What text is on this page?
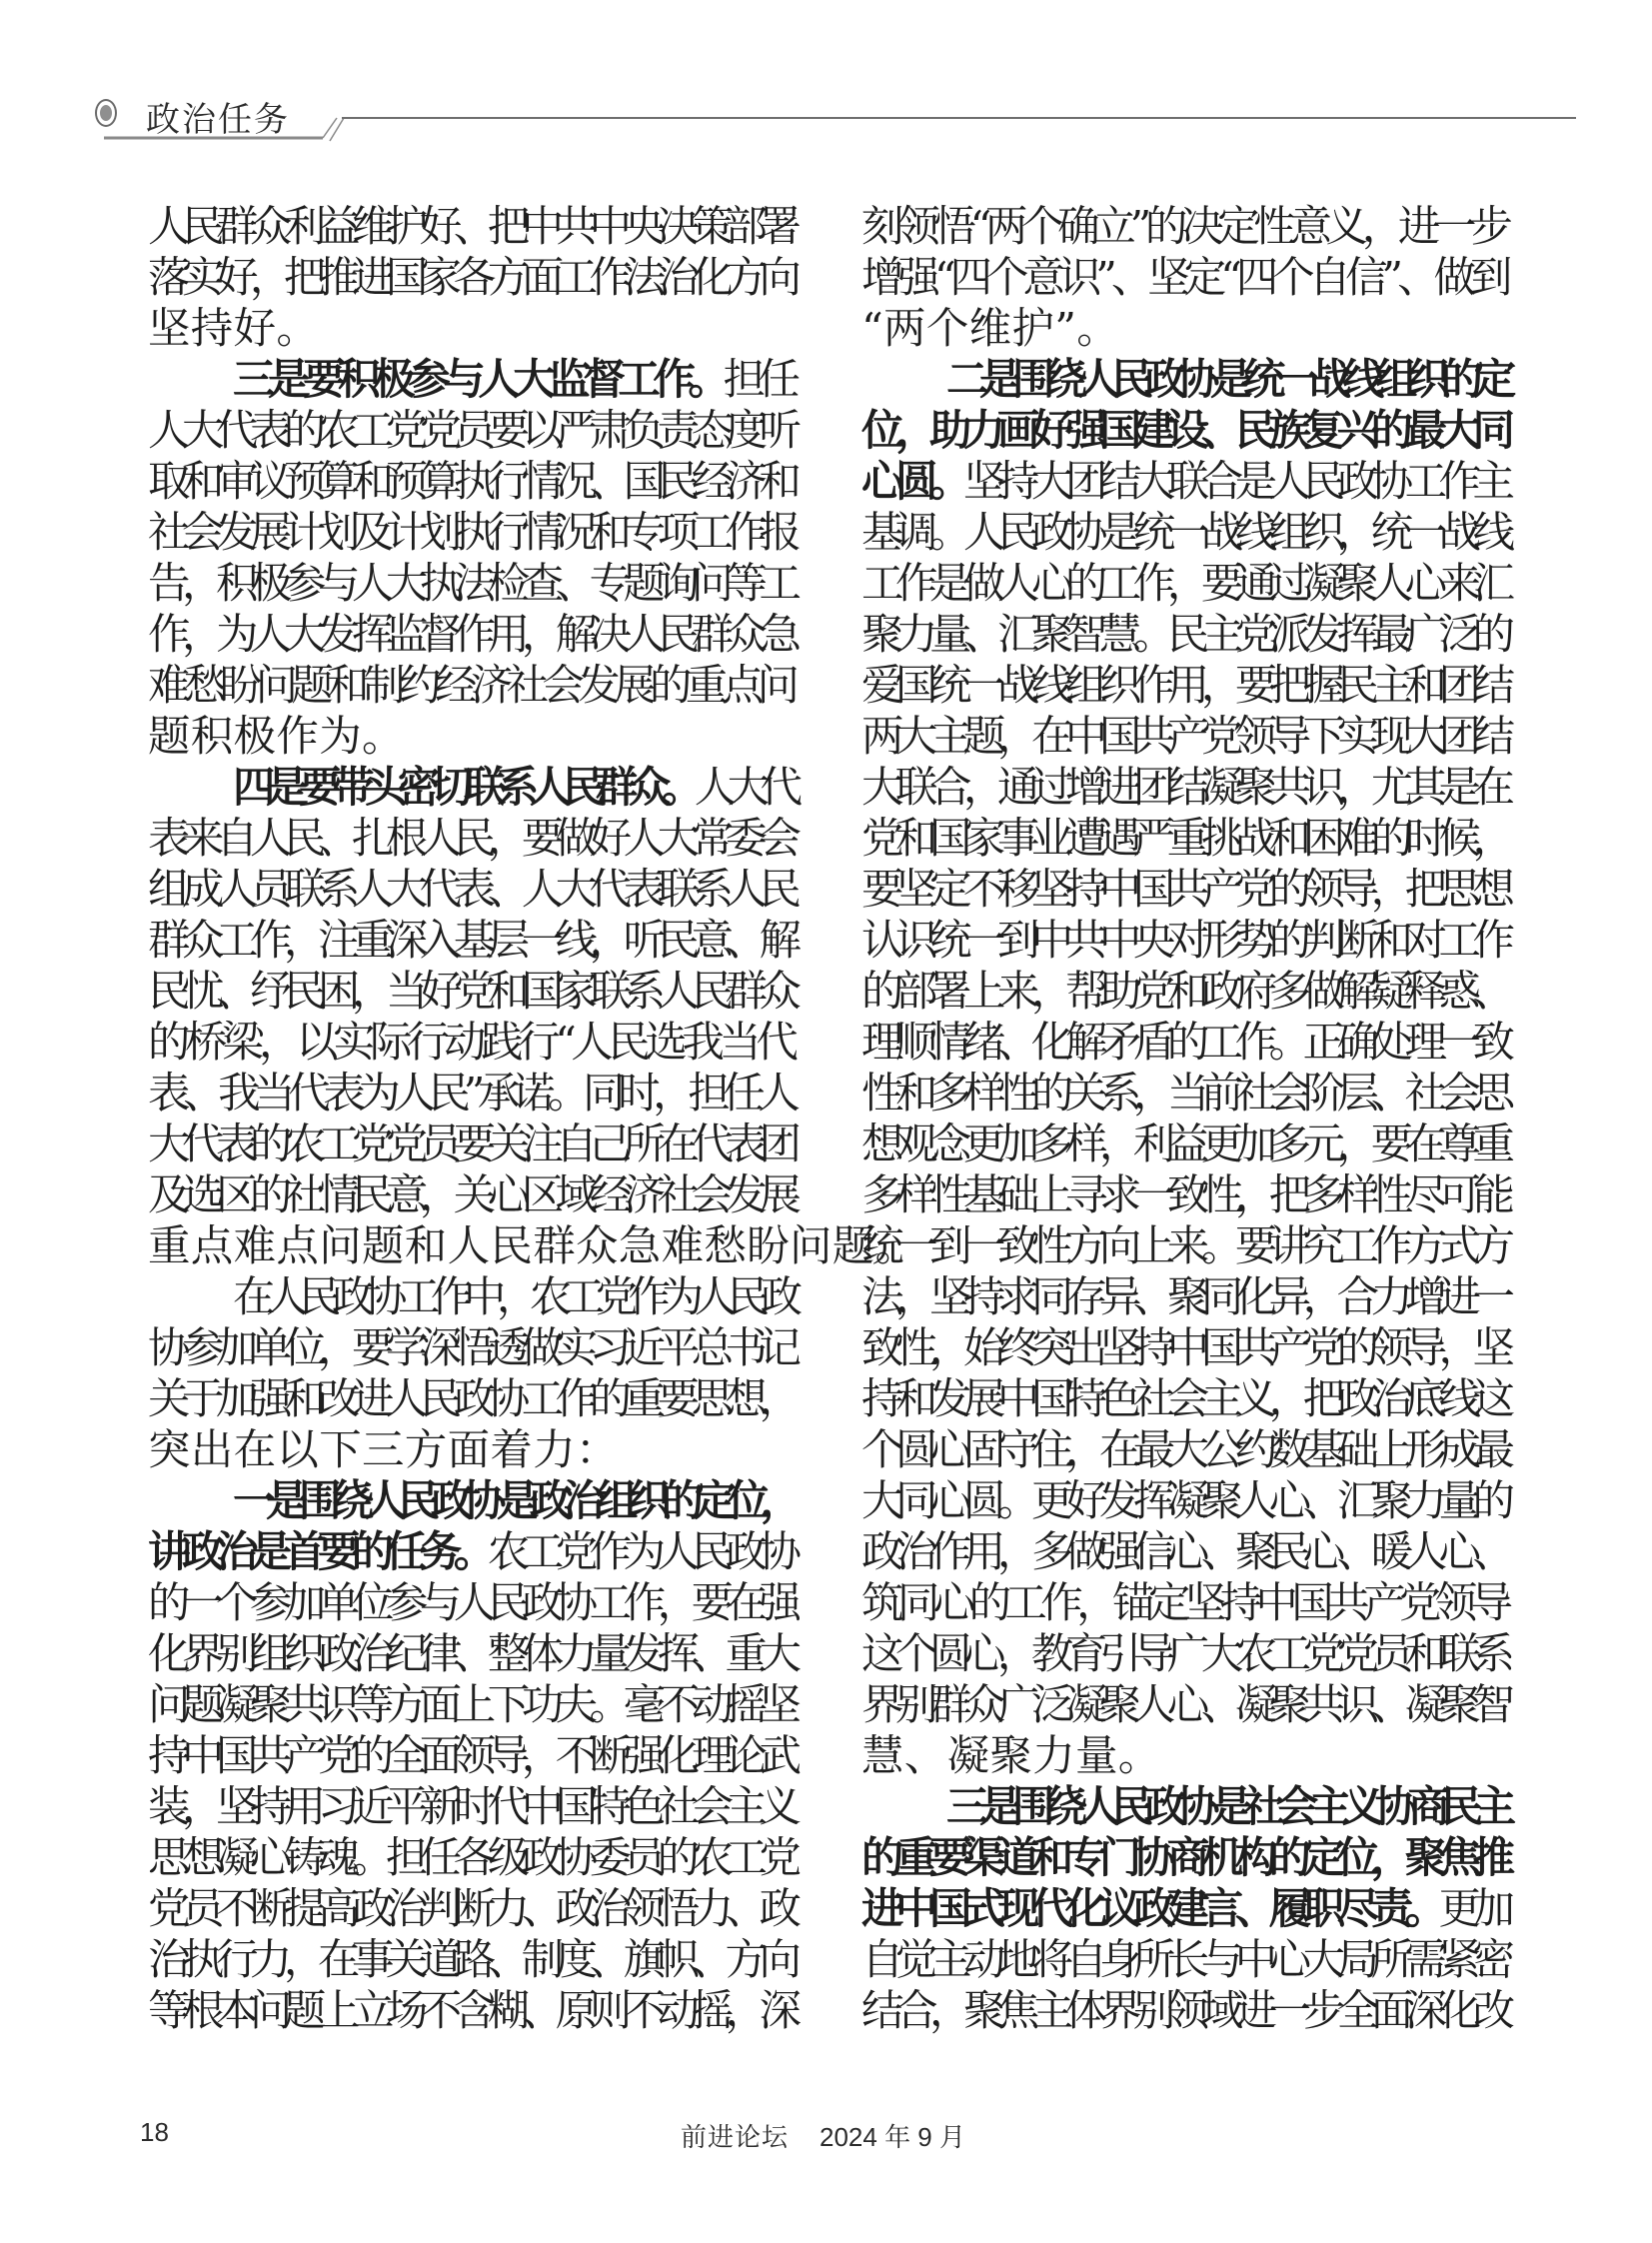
政治任务
人民群众利益维护好、把中共中央决策部署
落实好，把推进国家各方面工作法治化方向
坚持好。
三是要积极参与人大监督工作。担任
人大代表的农工党党员要以严肃负责态度听
取和审议预算和预算执行情况、国民经济和
社会发展计划及计划执行情况和专项工作报
告，积极参与人大执法检查、专题询问等工
作，为人大发挥监督作用，解决人民群众急
难愁盼问题和制约经济社会发展的重点问
题积极作为。
四是要带头密切联系人民群众。人大代
表来自人民、扎根人民，要做好人大常委会
组成人员联系人大代表、人大代表联系人民
群众工作，注重深入基层一线，听民意、解
民忧、纾民困，当好党和国家联系人民群众
的桥梁，以实际行动践行“人民选我当代
表、我当代表为人民”承诺。同时，担任人
大代表的农工党党员要关注自己所在代表团
及选区的社情民意，关心区域经济社会发展
重点难点问题和人民群众急难愁盼问题。
在人民政协工作中，农工党作为人民政
协参加单位，要学深悟透做实习近平总书记
关于加强和改进人民政协工作的重要思想，
突出在以下三方面着力：
一是围绕人民政协是政治组织的定位，
讲政治是首要的任务。农工党作为人民政协
的一个参加单位参与人民政协工作，要在强
化界别组织政治纪律、整体力量发挥、重大
问题凝聚共识等方面上下功夫。毫不动摇坚
持中国共产党的全面领导，不断强化理论武
装，坚持用习近平新时代中国特色社会主义
思想凝心铸魂。担任各级政协委员的农工党
党员不断提高政治判断力、政治领悟力、政
治执行力，在事关道路、制度、旗帜、方向
等根本问题上立场不含糊、原则不动摇，深
刻领悟“两个确立”的决定性意义，进一步
增强“四个意识”、坚定“四个自信”、做到
“两个维护”。
二是围绕人民政协是统一战线组织的定
位，助力画好强国建设、民族复兴的最大同
心圆。坚持大团结大联合是人民政协工作主
基调。人民政协是统一战线组织，统一战线
工作是做人心的工作，要通过凝聚人心来汇
聚力量、汇聚智慧。民主党派发挥最广泛的
爱国统一战线组织作用，要把握民主和团结
两大主题，在中国共产党领导下实现大团结
大联合，通过增进团结凝聚共识，尤其是在
党和国家事业遭遇严重挑战和困难的时候，
要坚定不移坚持中国共产党的领导，把思想
认识统一到中共中央对形势的判断和对工作
的部署上来，帮助党和政府多做解疑释惑、
理顺情绪、化解矛盾的工作。正确处理一致
性和多样性的关系，当前社会阶层、社会思
想观念更加多样，利益更加多元，要在尊重
多样性基础上寻求一致性，把多样性尽可能
统一到一致性方向上来。要讲究工作方式方
法，坚持求同存异、聚同化异，合力增进一
致性，始终突出坚持中国共产党的领导，坚
持和发展中国特色社会主义，把政治底线这
个圆心固守住，在最大公约数基础上形成最
大同心圆。更好发挥凝聚人心、汇聚力量的
政治作用，多做强信心、聚民心、暖人心、
筑同心的工作，锚定坚持中国共产党领导
这个圆心，教育引导广大农工党党员和联系
界别群众广泛凝聚人心、凝聚共识、凝聚智
慧、凝聚力量。
三是围绕人民政协是社会主义协商民主
的重要渠道和专门协商机构的定位，聚焦推
进中国式现代化议政建言、履职尽责。更加
自觉主动地将自身所长与中心大局所需紧密
结合，聚焦主体界别领域进一步全面深化改
18	前进论坛 2024 年 9 月
